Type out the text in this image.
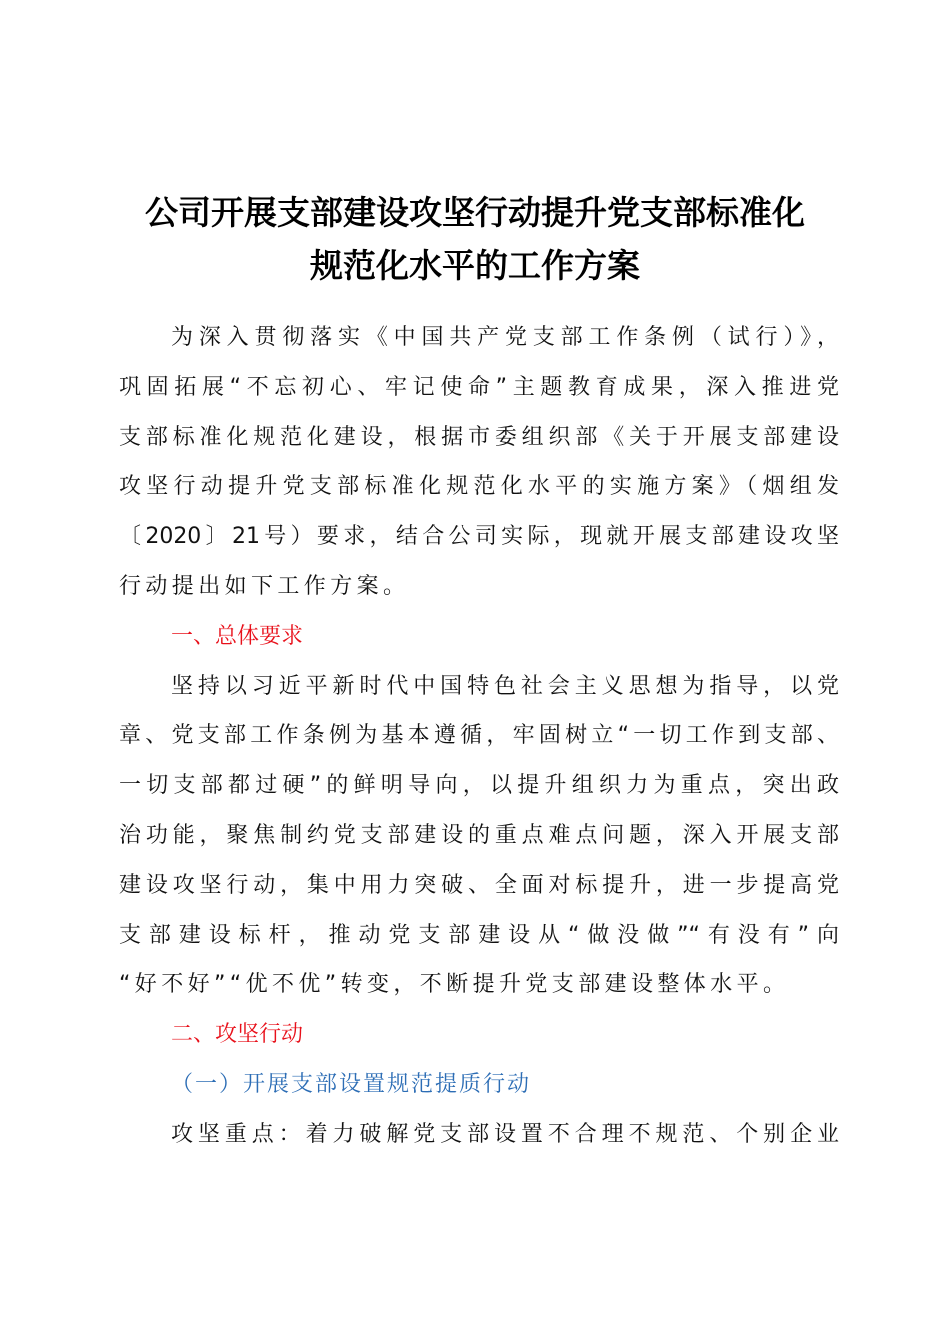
公司开展支部建设攻坚行动提升党支部标准化
规范化水平的工作方案
为深入贯彻落实《中国共产党支部工作条例（试行）》，
巩固拓展“不忘初心、牢记使命”主题教育成果，深入推进党
支部标准化规范化建设，根据市委组织部《关于开展支部建设
攻坚行动提升党支部标准化规范化水平的实施方案》（烟组发
〔2020〕21号）要求，结合公司实际，现就开展支部建设攻坚
行动提出如下工作方案。
一、总体要求
坚持以习近平新时代中国特色社会主义思想为指导，以党
章、党支部工作条例为基本遵循，牢固树立“一切工作到支部、
一切支部都过硬”的鲜明导向，以提升组织力为重点，突出政
治功能，聚焦制约党支部建设的重点难点问题，深入开展支部
建设攻坚行动，集中用力突破、全面对标提升，进一步提高党
支部建设标杆，推动党支部建设从“做没做”“有没有”向
“好不好”“优不优”转变，不断提升党支部建设整体水平。
二、攻坚行动
（一）开展支部设置规范提质行动
攻坚重点：着力破解党支部设置不合理不规范、个别企业
